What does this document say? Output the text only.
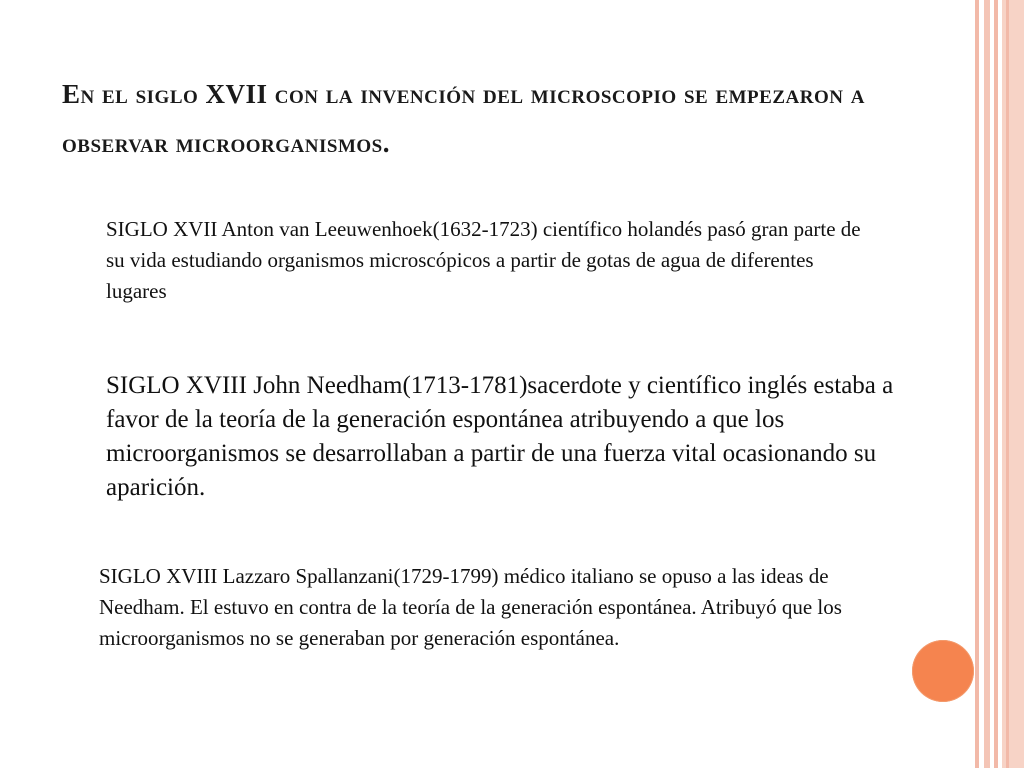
En el siglo XVII con la invención del microscopio se empezaron a observar microorganismos.

SIGLO XVII Anton van Leeuwenhoek(1632-1723) científico holandés pasó gran parte de su vida estudiando organismos microscópicos a partir de gotas de agua de diferentes lugares

SIGLO XVIII John Needham(1713-1781)sacerdote y científico inglés estaba a favor de la teoría de la generación espontánea atribuyendo a que los microorganismos se desarrollaban a partir de una fuerza vital ocasionando su aparición.

SIGLO XVIII Lazzaro Spallanzani(1729-1799) médico italiano se opuso a las ideas de Needham. El estuvo en contra de la teoría de la generación espontánea. Atribuyó que los microorganismos no se generaban por generación espontánea.
